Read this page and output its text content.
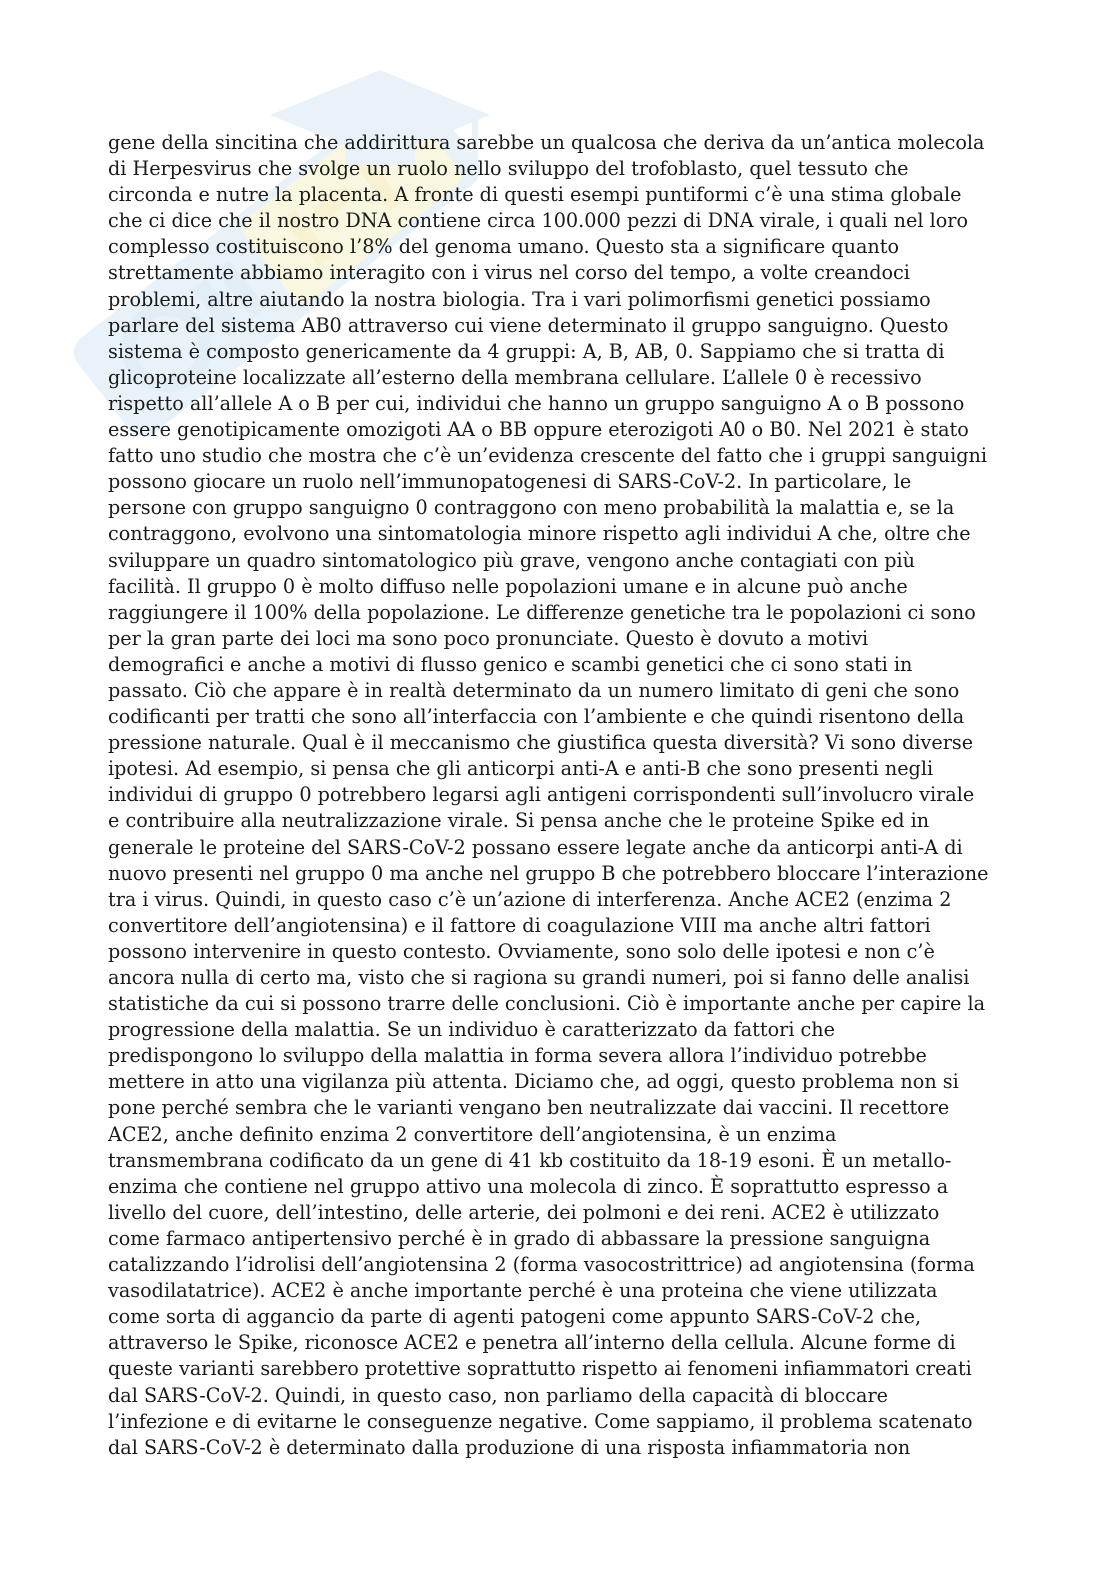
gene della sincitina che addirittura sarebbe un qualcosa che deriva da un’antica molecola
di Herpesvirus che svolge un ruolo nello sviluppo del trofoblasto, quel tessuto che
circonda e nutre la placenta. A fronte di questi esempi puntiformi c’è una stima globale
che ci dice che il nostro DNA contiene circa 100.000 pezzi di DNA virale, i quali nel loro
complesso costituiscono l’8% del genoma umano. Questo sta a significare quanto
strettamente abbiamo interagito con i virus nel corso del tempo, a volte creandoci
problemi, altre aiutando la nostra biologia. Tra i vari polimorfismi genetici possiamo
parlare del sistema AB0 attraverso cui viene determinato il gruppo sanguigno. Questo
sistema è composto genericamente da 4 gruppi: A, B, AB, 0. Sappiamo che si tratta di
glicoproteine localizzate all’esterno della membrana cellulare. L’allele 0 è recessivo
rispetto all’allele A o B per cui, individui che hanno un gruppo sanguigno A o B possono
essere genotipicamente omozigoti AA o BB oppure eterozigoti A0 o B0. Nel 2021 è stato
fatto uno studio che mostra che c’è un’evidenza crescente del fatto che i gruppi sanguigni
possono giocare un ruolo nell’immunopatogenesi di SARS-CoV-2. In particolare, le
persone con gruppo sanguigno 0 contraggono con meno probabilità la malattia e, se la
contraggono, evolvono una sintomatologia minore rispetto agli individui A che, oltre che
sviluppare un quadro sintomatologico più grave, vengono anche contagiati con più
facilità. Il gruppo 0 è molto diffuso nelle popolazioni umane e in alcune può anche
raggiungere il 100% della popolazione. Le differenze genetiche tra le popolazioni ci sono
per la gran parte dei loci ma sono poco pronunciate. Questo è dovuto a motivi
demografici e anche a motivi di flusso genico e scambi genetici che ci sono stati in
passato. Ciò che appare è in realtà determinato da un numero limitato di geni che sono
codificanti per tratti che sono all’interfaccia con l’ambiente e che quindi risentono della
pressione naturale. Qual è il meccanismo che giustifica questa diversità? Vi sono diverse
ipotesi. Ad esempio, si pensa che gli anticorpi anti-A e anti-B che sono presenti negli
individui di gruppo 0 potrebbero legarsi agli antigeni corrispondenti sull’involucro virale
e contribuire alla neutralizzazione virale. Si pensa anche che le proteine Spike ed in
generale le proteine del SARS-CoV-2 possano essere legate anche da anticorpi anti-A di
nuovo presenti nel gruppo 0 ma anche nel gruppo B che potrebbero bloccare l’interazione
tra i virus. Quindi, in questo caso c’è un’azione di interferenza. Anche ACE2 (enzima 2
convertitore dell’angiotensina) e il fattore di coagulazione VIII ma anche altri fattori
possono intervenire in questo contesto. Ovviamente, sono solo delle ipotesi e non c’è
ancora nulla di certo ma, visto che si ragiona su grandi numeri, poi si fanno delle analisi
statistiche da cui si possono trarre delle conclusioni. Ciò è importante anche per capire la
progressione della malattia. Se un individuo è caratterizzato da fattori che
predispongono lo sviluppo della malattia in forma severa allora l’individuo potrebbe
mettere in atto una vigilanza più attenta. Diciamo che, ad oggi, questo problema non si
pone perché sembra che le varianti vengano ben neutralizzate dai vaccini. Il recettore
ACE2, anche definito enzima 2 convertitore dell’angiotensina, è un enzima
transmembrana codificato da un gene di 41 kb costituito da 18-19 esoni. È un metallo-
enzima che contiene nel gruppo attivo una molecola di zinco. È soprattutto espresso a
livello del cuore, dell’intestino, delle arterie, dei polmoni e dei reni. ACE2 è utilizzato
come farmaco antipertensivo perché è in grado di abbassare la pressione sanguigna
catalizzando l’idrolisi dell’angiotensina 2 (forma vasocostrittrice) ad angiotensina (forma
vasodilatatrice). ACE2 è anche importante perché è una proteina che viene utilizzata
come sorta di aggancio da parte di agenti patogeni come appunto SARS-CoV-2 che,
attraverso le Spike, riconosce ACE2 e penetra all’interno della cellula. Alcune forme di
queste varianti sarebbero protettive soprattutto rispetto ai fenomeni infiammatori creati
dal SARS-CoV-2. Quindi, in questo caso, non parliamo della capacità di bloccare
l’infezione e di evitarne le conseguenze negative. Come sappiamo, il problema scatenato
dal SARS-CoV-2 è determinato dalla produzione di una risposta infiammatoria non
